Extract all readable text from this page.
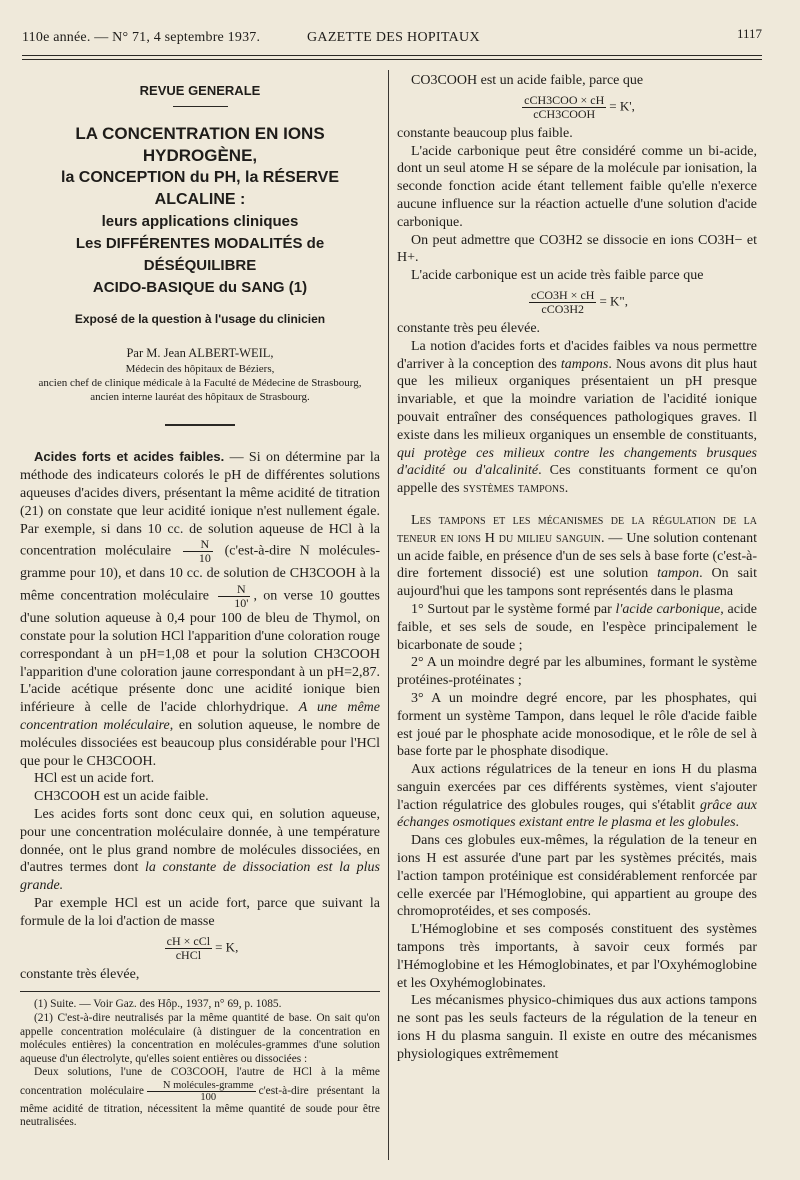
110e année. — N° 71, 4 septembre 1937.	GAZETTE DES HOPITAUX	1117

REVUE GENERALE

LA CONCENTRATION EN IONS HYDROGÈNE,

la CONCEPTION du PH, la RÉSERVE ALCALINE :

leurs applications cliniques

Les DIFFÉRENTES MODALITÉS de DÉSÉQUILIBRE

ACIDO-BASIQUE du SANG (1)

Exposé de la question à l'usage du clinicien

Par M. Jean ALBERT-WEIL,

Médecin des hôpitaux de Béziers,

ancien chef de clinique médicale à la Faculté de Médecine de Strasbourg,

ancien interne lauréat des hôpitaux de Strasbourg.

Acides forts et acides faibles. — Si on détermine par la méthode des indicateurs colorés le pH de différentes solutions aqueuses d'acides divers, présentant la même acidité de titration (21) on constate que leur acidité ionique n'est nullement égale. Par exemple, si dans 10 cc. de solution aqueuse de HCl à la concentration moléculaire $\frac{N}{10}$ (c'est-à-dire N molécules-gramme pour 10), et dans 10 cc. de solution de CH3COOH à la même concentration moléculaire $\frac{N}{10'}$ , on verse 10 gouttes d'une solution aqueuse à 0,4 pour 100 de bleu de Thymol, on constate pour la solution HCl l'apparition d'une coloration rouge correspondant à un pH=1,08 et pour la solution CH3COOH l'apparition d'une coloration jaune correspondant à un pH=2,87. L'acide acétique présente donc une acidité ionique bien inférieure à celle de l'acide chlorhydrique. A une même concentration moléculaire, en solution aqueuse, le nombre de molécules dissociées est beaucoup plus considérable pour l'HCl que pour le CH3COOH.

HCl est un acide fort.

CH3COOH est un acide faible.

Les acides forts sont donc ceux qui, en solution aqueuse, pour une concentration moléculaire donnée, à une température donnée, ont le plus grand nombre de molécules dissociées, en d'autres termes dont la constante de dissociation est la plus grande.

Par exemple HCl est un acide fort, parce que suivant la formule de la loi d'action de masse

$\frac{\text{cH × cCl}}{\text{cHCl}} = K$,

constante très élevée,

(1) Suite. — Voir Gaz. des Hôp., 1937, n° 69, p. 1085.

(21) C'est-à-dire neutralisés par la même quantité de base. On sait qu'on appelle concentration moléculaire (à distinguer de la concentration en molécules entières) la concentration en molécules-grammes d'une solution aqueuse d'un électrolyte, qu'elles soient entières ou dissociées :

Deux solutions, l'une de CO3COOH, l'autre de HCl à la même concentration moléculaire $\frac{\text{N molécules-gramme}}{100}$ c'est-à-dire présentant la même acidité de titration, nécessitent la même quantité de soude pour être neutralisées.

CO3COOH est un acide faible, parce que

$\frac{\text{cCH3COO × cH}}{\text{cCH3COOH}} = K'$,

constante beaucoup plus faible.

L'acide carbonique peut être considéré comme un bi-acide, dont un seul atome H se sépare de la molécule par ionisation, la seconde fonction acide étant tellement faible qu'elle n'exerce aucune influence sur la réaction actuelle d'une solution d'acide carbonique.

On peut admettre que CO3H2 se dissocie en ions CO3H− et H+.

L'acide carbonique est un acide très faible parce que

$\frac{\text{cCO3H × cH}}{\text{cCO3H2}} = K$",

constante très peu élevée.

La notion d'acides forts et d'acides faibles va nous permettre d'arriver à la conception des tampons. Nous avons dit plus haut que les milieux organiques présentaient un pH presque invariable, et que la moindre variation de l'acidité ionique pouvait entraîner des conséquences pathologiques graves. Il existe dans les milieux organiques un ensemble de constituants, qui protège ces milieux contre les changements brusques d'acidité ou d'alcalinité. Ces constituants forment ce qu'on appelle des systèmes tampons.

Les tampons et les mécanismes de la régulation de la teneur en ions H du milieu sanguin. — Une solution contenant un acide faible, en présence d'un de ses sels à base forte (c'est-à-dire fortement dissocié) est une solution tampon. On sait aujourd'hui que les tampons sont représentés dans le plasma

1° Surtout par le système formé par l'acide carbonique, acide faible, et ses sels de soude, en l'espèce principalement le bicarbonate de soude ;

2° A un moindre degré par les albumines, formant le système protéines-protéinates ;

3° A un moindre degré encore, par les phosphates, qui forment un système Tampon, dans lequel le rôle d'acide faible est joué par le phosphate acide monosodique, et le rôle de sel à base forte par le phosphate disodique.

Aux actions régulatrices de la teneur en ions H du plasma sanguin exercées par ces différents systèmes, vient s'ajouter l'action régulatrice des globules rouges, qui s'établit grâce aux échanges osmotiques existant entre le plasma et les globules.

Dans ces globules eux-mêmes, la régulation de la teneur en ions H est assurée d'une part par les systèmes précités, mais l'action tampon protéinique est considérablement renforcée par celle exercée par l'Hémoglobine, qui appartient au groupe des chromoprotéides, et ses composés.

L'Hémoglobine et ses composés constituent des systèmes tampons très importants, à savoir ceux formés par l'Hémoglobine et les Hémoglobinates, et par l'Oxyhémoglobine et les Oxyhémoglobinates.

Les mécanismes physico-chimiques dus aux actions tampons ne sont pas les seuls facteurs de la régulation de la teneur en ions H du plasma sanguin. Il existe en outre des mécanismes physiologiques extrêmement
